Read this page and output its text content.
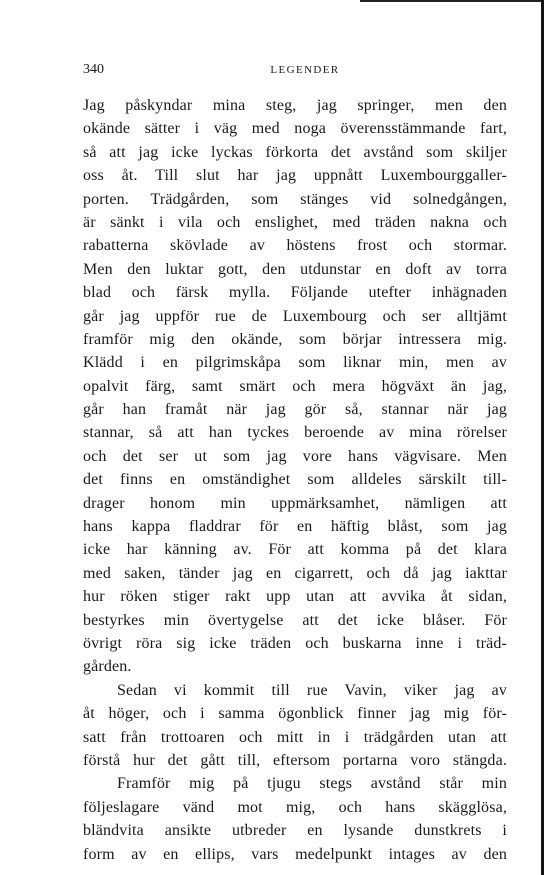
340	LEGENDER
Jag påskyndar mina steg, jag springer, men den
okände sätter i väg med noga överensstämmande fart,
så att jag icke lyckas förkorta det avstånd som skiljer
oss åt. Till slut har jag uppnått Luxembourggaller-
porten. Trädgården, som stänges vid solnedgången,
är sänkt i vila och enslighet, med träden nakna och
rabatterna skövlade av höstens frost och stormar.
Men den luktar gott, den utdunstar en doft av torra
blad och färsk mylla. Följande utefter inhägnaden
går jag uppför rue de Luxembourg och ser alltjämt
framför mig den okände, som börjar intressera mig.
Klädd i en pilgrimskåpa som liknar min, men av
opalvit färg, samt smärt och mera högväxt än jag,
går han framåt när jag gör så, stannar när jag
stannar, så att han tyckes beroende av mina rörelser
och det ser ut som jag vore hans vägvisare. Men
det finns en omständighet som alldeles särskilt till-
drager honom min uppmärksamhet, nämligen att
hans kappa fladdrar för en häftig blåst, som jag
icke har känning av. För att komma på det klara
med saken, tänder jag en cigarrett, och då jag iakttar
hur röken stiger rakt upp utan att avvika åt sidan,
bestyrkes min övertygelse att det icke blåser. För
övrigt röra sig icke träden och buskarna inne i träd-
gården.
Sedan vi kommit till rue Vavin, viker jag av
åt höger, och i samma ögonblick finner jag mig för-
satt från trottoaren och mitt in i trädgården utan att
förstå hur det gått till, eftersom portarna voro stängda.
Framför mig på tjugu stegs avstånd står min
följeslagare vänd mot mig, och hans skägglösa,
bländvita ansikte utbreder en lysande dunstkrets i
form av en ellips, vars medelpunkt intages av den
